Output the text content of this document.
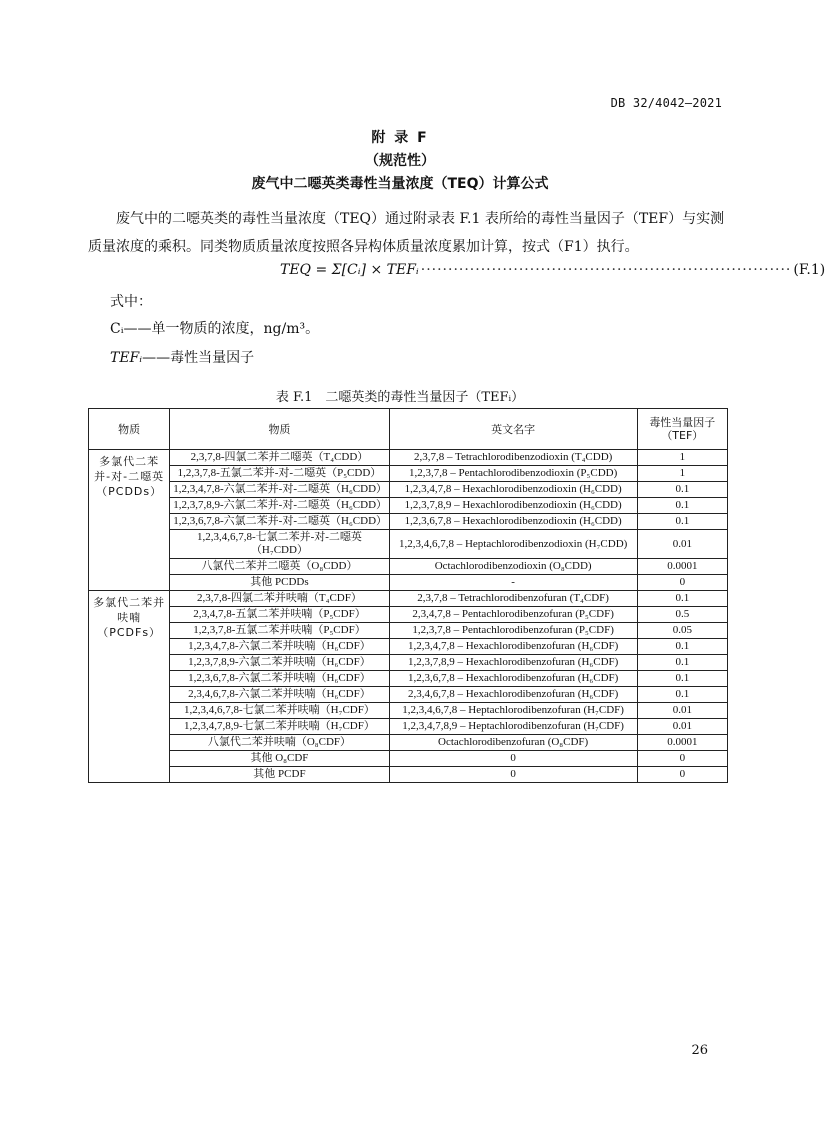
DB 32/4042—2021
附 录 F
（规范性）
废气中二噁英类毒性当量浓度（TEQ）计算公式
废气中的二噁英类的毒性当量浓度（TEQ）通过附录表 F.1 表所给的毒性当量因子（TEF）与实测质量浓度的乘积。同类物质质量浓度按照各异构体质量浓度累加计算，按式（F1）执行。
TEQ = Σ[Cᵢ] × TEFᵢ ···································································· (F.1)
式中：
Cᵢ——单一物质的浓度，ng/m³。
TEFᵢ——毒性当量因子
表 F.1　二噁英类的毒性当量因子（TEFᵢ）
物质	物质	英文名字	毒性当量因子（TEF）
多氯代二苯并-对-二噁英（PCDDs）	2,3,7,8-四氯二苯并二噁英（T₄CDD）	2,3,7,8 – Tetrachlorodibenzodioxin (T₄CDD)	1
	1,2,3,7,8-五氯二苯并-对-二噁英（P₅CDD）	1,2,3,7,8 – Pentachlorodibenzodioxin (P₅CDD)	1
	1,2,3,4,7,8-六氯二苯并-对-二噁英（H₆CDD）	1,2,3,4,7,8 – Hexachlorodibenzodioxin (H₆CDD)	0.1
	1,2,3,7,8,9-六氯二苯并-对-二噁英（H₆CDD）	1,2,3,7,8,9 – Hexachlorodibenzodioxin (H₆CDD)	0.1
	1,2,3,6,7,8-六氯二苯并-对-二噁英（H₆CDD）	1,2,3,6,7,8 – Hexachlorodibenzodioxin (H₆CDD)	0.1
	1,2,3,4,6,7,8-七氯二苯并-对-二噁英（H₇CDD）	1,2,3,4,6,7,8 – Heptachlorodibenzodioxin (H₇CDD)	0.01
	八氯代二苯并二噁英（O₈CDD）	Octachlorodibenzodioxin (O₈CDD)	0.0001
	其他 PCDDs	-	0
多氯代二苯并呋喃（PCDFs）	2,3,7,8-四氯二苯并呋喃（T₄CDF）	2,3,7,8 – Tetrachlorodibenzofuran (T₄CDF)	0.1
	2,3,4,7,8-五氯二苯并呋喃（P₅CDF）	2,3,4,7,8 – Pentachlorodibenzofuran (P₅CDF)	0.5
	1,2,3,7,8-五氯二苯并呋喃（P₅CDF）	1,2,3,7,8 – Pentachlorodibenzofuran (P₅CDF)	0.05
	1,2,3,4,7,8-六氯二苯并呋喃（H₆CDF）	1,2,3,4,7,8 – Hexachlorodibenzofuran (H₆CDF)	0.1
	1,2,3,7,8,9-六氯二苯并呋喃（H₆CDF）	1,2,3,7,8,9 – Hexachlorodibenzofuran (H₆CDF)	0.1
	1,2,3,6,7,8-六氯二苯并呋喃（H₆CDF）	1,2,3,6,7,8 – Hexachlorodibenzofuran (H₆CDF)	0.1
	2,3,4,6,7,8-六氯二苯并呋喃（H₆CDF）	2,3,4,6,7,8 – Hexachlorodibenzofuran (H₆CDF)	0.1
	1,2,3,4,6,7,8-七氯二苯并呋喃（H₇CDF）	1,2,3,4,6,7,8 – Heptachlorodibenzofuran (H₇CDF)	0.01
	1,2,3,4,7,8,9-七氯二苯并呋喃（H₇CDF）	1,2,3,4,7,8,9 – Heptachlorodibenzofuran (H₇CDF)	0.01
	八氯代二苯并呋喃（O₈CDF）	Octachlorodibenzofuran (O₈CDF)	0.0001
	其他 O₈CDF	0	0
	其他 PCDF	0	0
26
